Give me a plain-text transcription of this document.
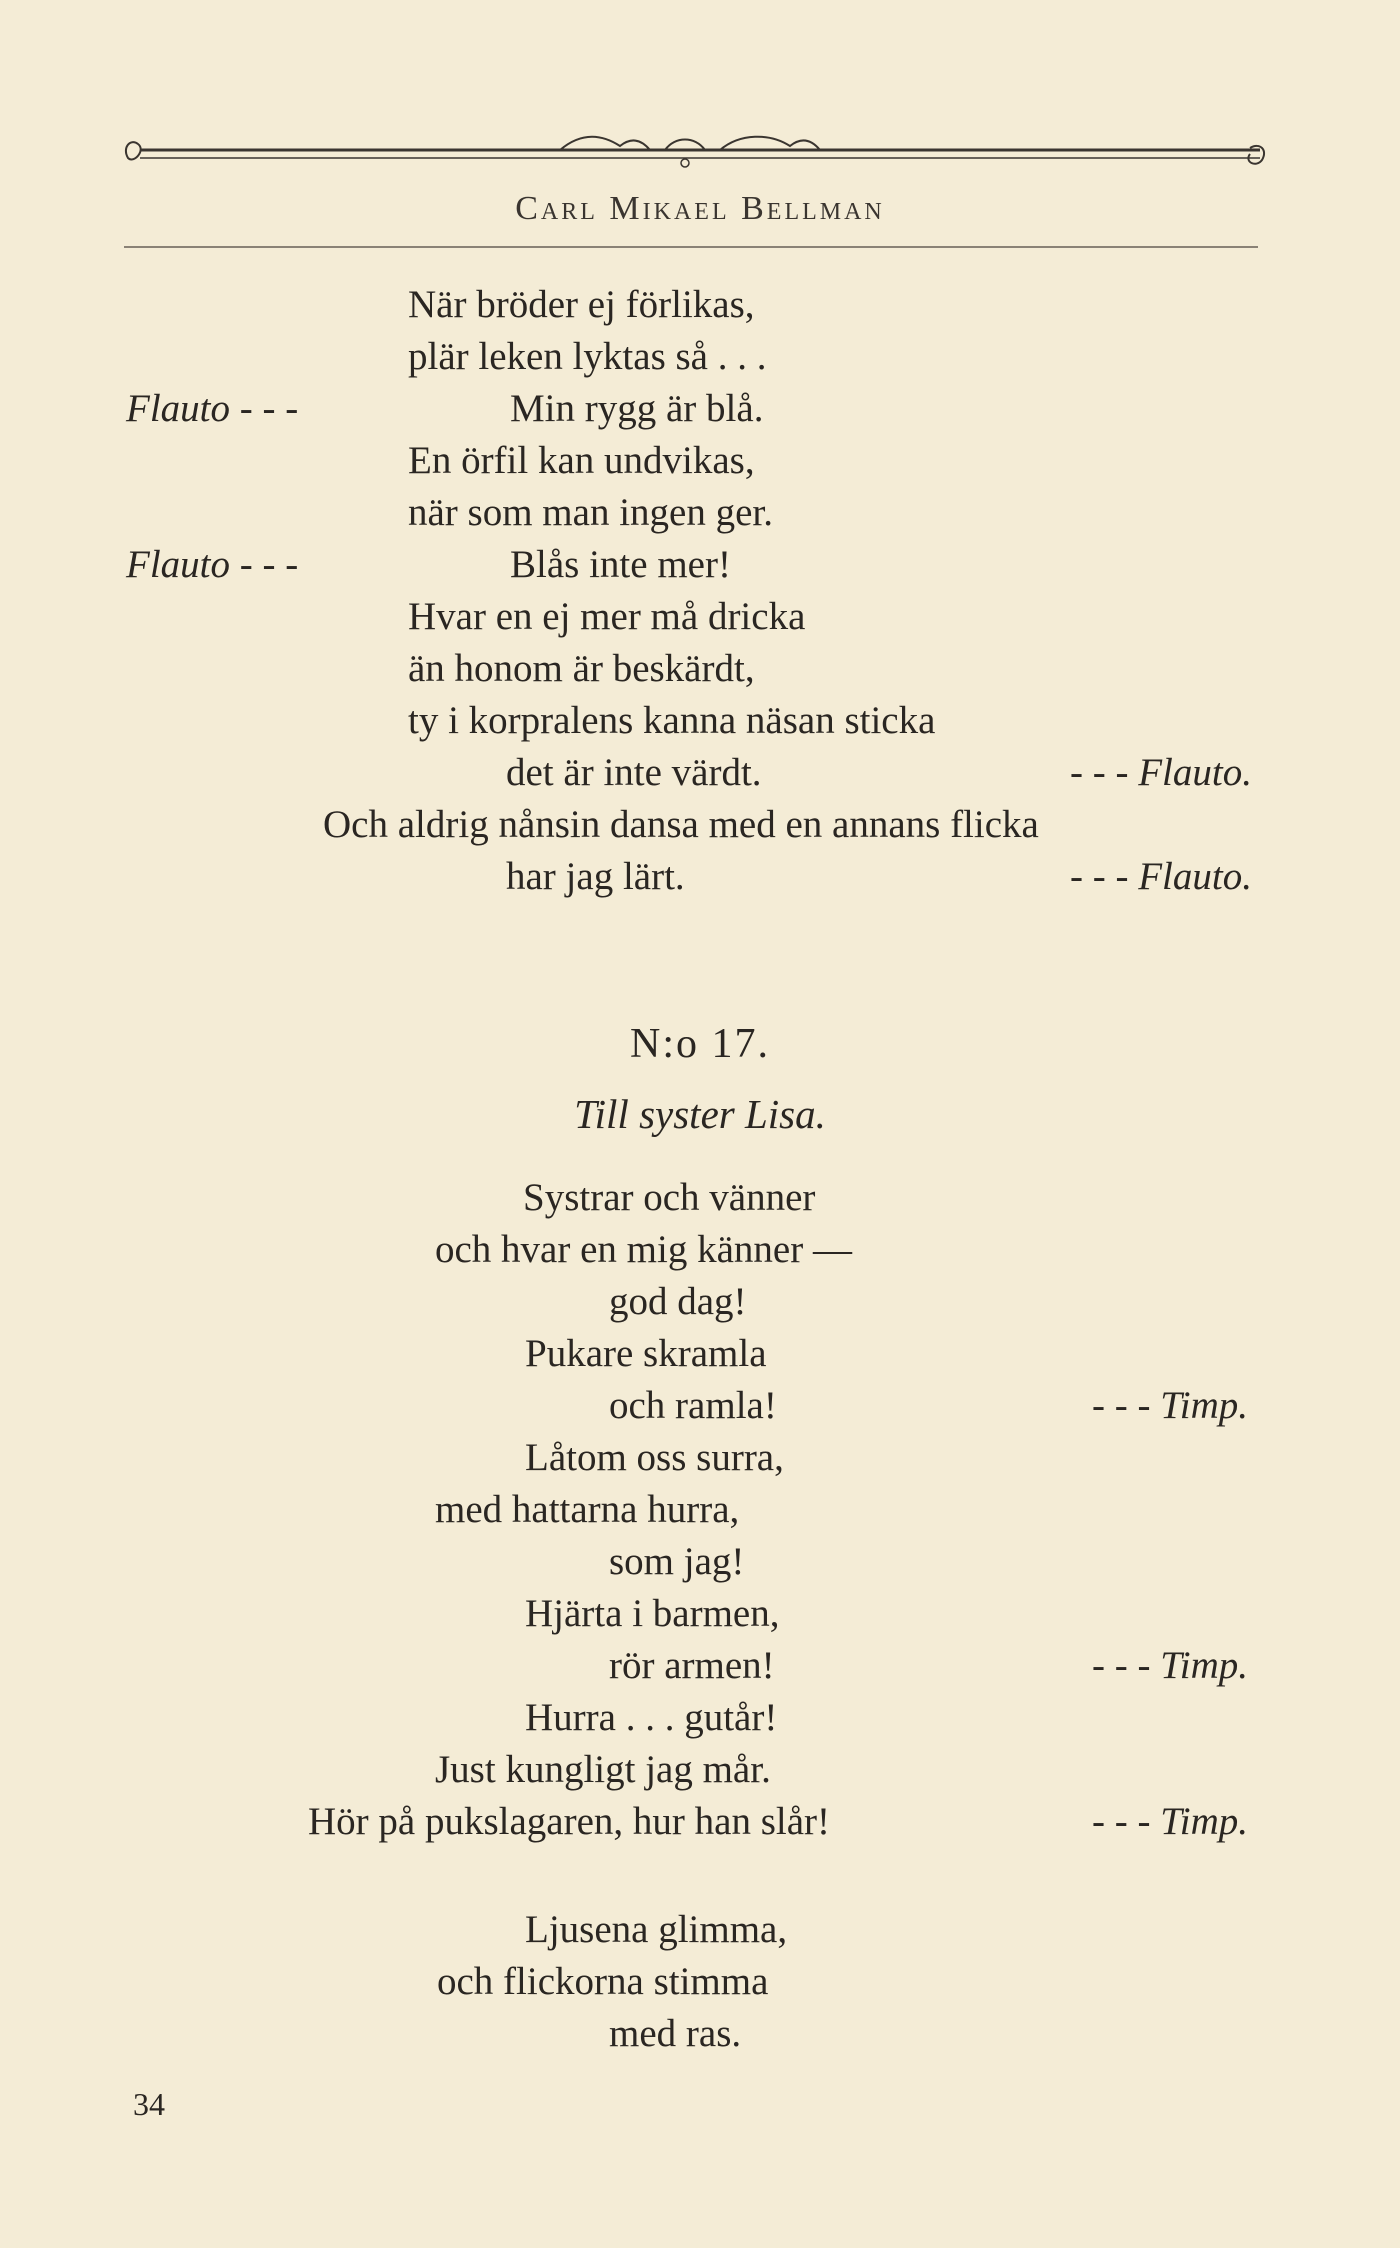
Carl Mikael Bellman
När bröder ej förlikas,
plär leken lyktas så . . .
Flauto - - -	Min rygg är blå.
En örfil kan undvikas,
när som man ingen ger.
Flauto - - -	Blås inte mer!
Hvar en ej mer må dricka
än honom är beskärdt,
ty i korpralens kanna näsan sticka
det är inte värdt.	- - - Flauto.
Och aldrig nånsin dansa med en annans flicka
har jag lärt.	- - - Flauto.
N:o 17.
Till syster Lisa.
Systrar och vänner
och hvar en mig känner —
god dag!
Pukare skramla
och ramla!	- - - Timp.
Låtom oss surra,
med hattarna hurra,
som jag!
Hjärta i barmen,
rör armen!	- - - Timp.
Hurra . . . gutår!
Just kungligt jag mår.
Hör på pukslagaren, hur han slår!	- - - Timp.
Ljusena glimma,
och flickorna stimma
med ras.
34
